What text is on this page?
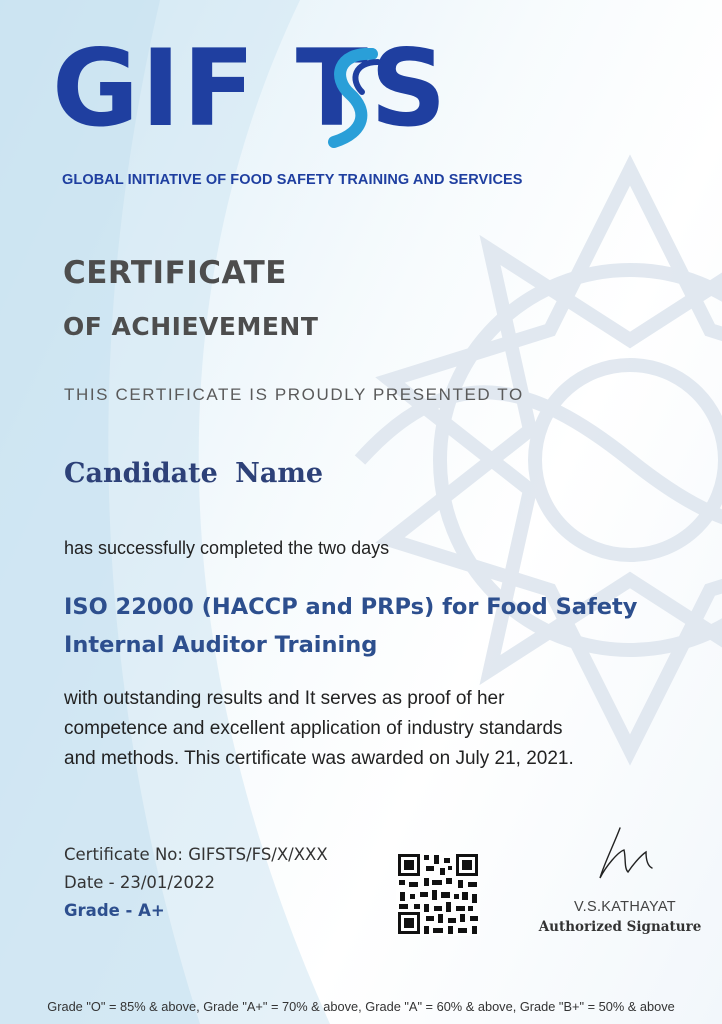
GIF TS
GLOBAL INITIATIVE OF FOOD SAFETY TRAINING AND SERVICES
CERTIFICATE
OF ACHIEVEMENT
THIS CERTIFICATE IS PROUDLY PRESENTED TO
Candidate Name
has successfully completed the two days
ISO 22000 (HACCP and PRPs) for Food Safety
Internal Auditor Training
with outstanding results and It serves as proof of her
competence and excellent application of industry standards
and methods. This certificate was awarded on July 21, 2021.
Certificate No: GIFSTS/FS/X/XXX
Date - 23/01/2022
Grade - A+	V.S.KATHAYAT
Authorized Signature
Grade "O" = 85% & above, Grade "A+" = 70% & above, Grade "A" = 60% & above, Grade "B+" = 50% & above
